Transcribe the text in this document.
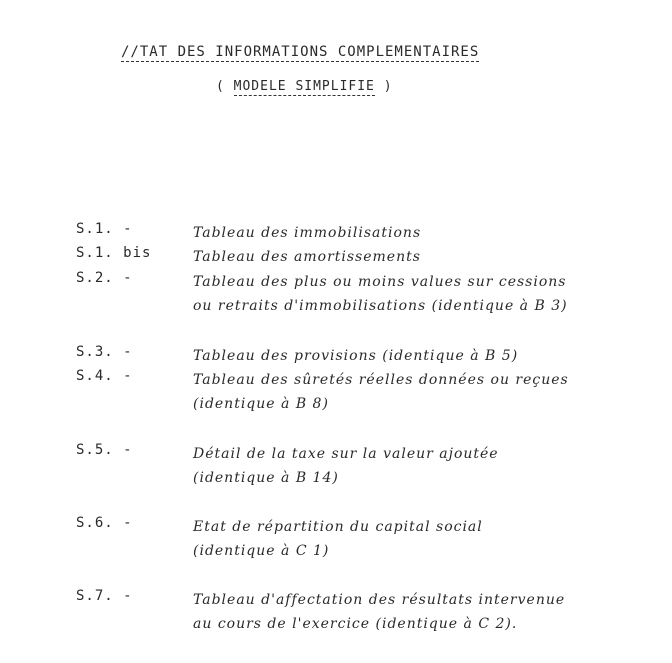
//TAT DES INFORMATIONS COMPLEMENTAIRES
( MODELE SIMPLIFIE )
S.1. -	Tableau des immobilisations
S.1. bis	Tableau des amortissements
S.2. -	Tableau des plus ou moins values sur cessions
ou retraits d'immobilisations (identique à B 3)
S.3. -	Tableau des provisions (identique à B 5)
S.4. -	Tableau des sûretés réelles données ou reçues
(identique à B 8)
S.5. -	Détail de la taxe sur la valeur ajoutée
(identique à B 14)
S.6. -	Etat de répartition du capital social
(identique à C 1)
S.7. -	Tableau d'affectation des résultats intervenue
au cours de l'exercice (identique à C 2).
